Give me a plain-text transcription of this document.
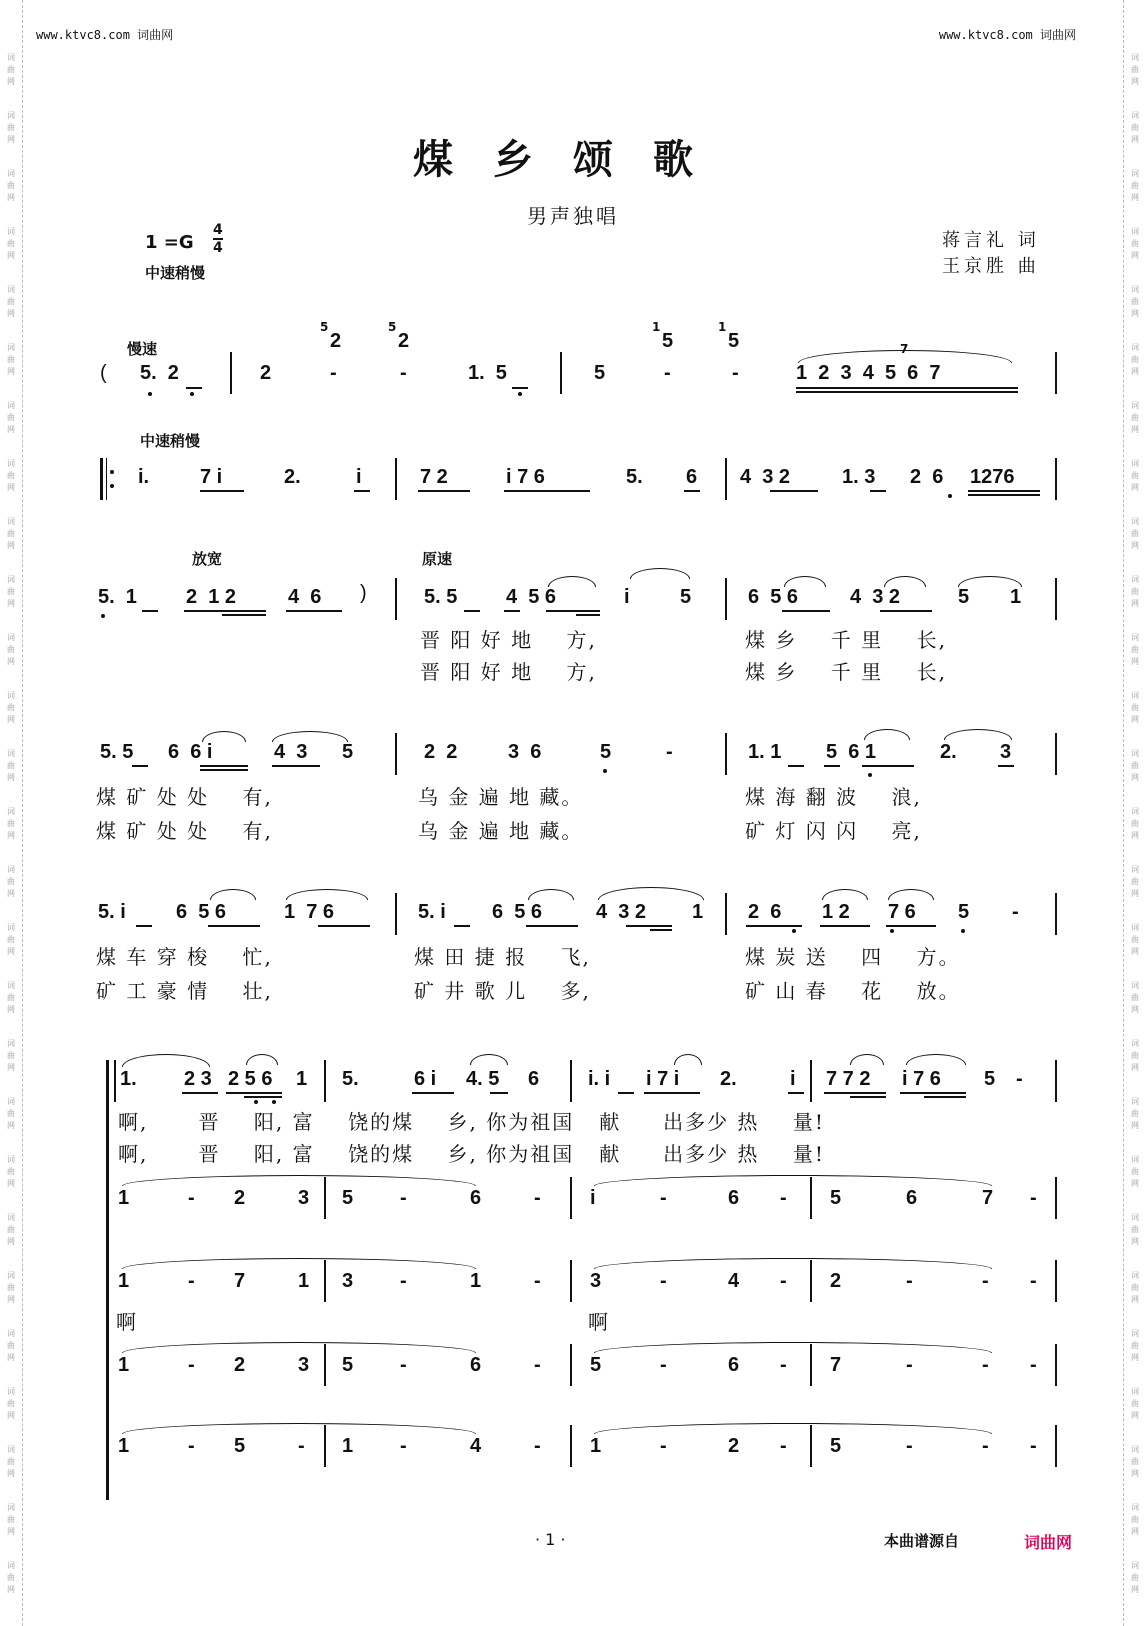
词
曲
网
词
曲
网
词
曲
网
词
曲
网
词
曲
网
词
曲
网
词
曲
网
词
曲
网
词
曲
网
词
曲
网
词
曲
网
词
曲
网
词
曲
网
词
曲
网
词
曲
网
词
曲
网
词
曲
网
词
曲
网
词
曲
网
词
曲
网
词
曲
网
词
曲
网
词
曲
网
词
曲
网
词
曲
网
词
曲
网
词
曲
网
词
曲
网
词
曲
网
词
曲
网
词
曲
网
词
曲
网
词
曲
网
词
曲
网
词
曲
网
词
曲
网
词
曲
网
词
曲
网
词
曲
网
词
曲
网
词
曲
网
词
曲
网
词
曲
网
词
曲
网
词
曲
网
词
曲
网
词
曲
网
词
曲
网
词
曲
网
词
曲
网
词
曲
网
词
曲
网
词
曲
网
词
曲
网
www.ktvc8.com 词曲网	www.ktvc8.com 词曲网
煤乡颂歌
男声独唱
1 =G
4
4
中速稍慢
蒋言礼 词
王京胜 曲
慢速
( 5.  2
5
2
5
2
2	-	-	1.  5
1
5
1
5
5	-	-
7
1  2  3  4  5  6  7
中速稍慢
i.	7 i	2.	i	7 2	i 7 6	5. 6 4  3 2	1. 3 2  6 1276
放宽	原速
5.  1 2  1 2	4  6 )	5. 5 4  5 6	i	5	6  5 6	4  3 2	5 1
晋 阳 好 地    方,	煤 乡    千 里    长,
晋 阳 好 地    方,	煤 乡    千 里    长,
5. 5 6  6 i	4  3 5	2  2	3  6	5	-	1. 1 5  6 1	2. 3
煤 矿 处 处    有,	乌 金 遍 地 藏。	煤 海 翻 波    浪,
煤 矿 处 处    有,	乌 金 遍 地 藏。	矿 灯 闪 闪    亮,
5. i	6  5 6	1  7 6	5. i 6  5 6	4  3 2 1 2  6 1 2 7 6 5 -
煤 车 穿 梭    忙,	煤 田 捷 报    飞,	煤 炭 送    四    方。
矿 工 豪 情    壮,	矿 井 歌 儿    多,	矿 山 春    花    放。
1. 2 3 2 5 6 1 5.	6 i 4. 5 6 i. i i 7 i 2.	i 7 7 2 i 7 6 5 -
啊,      晋    阳, 富    饶的煤    乡, 你为祖国   献     出多少 热    量!
啊,      晋    阳, 富    饶的煤    乡, 你为祖国   献     出多少 热    量!
1	- 2	3 5 -	6	- i	-	6 - 5	6	7 -
1	- 7	1 3 -	1	- 3	-	4 - 2	-	- -
啊	啊
1	- 2	3 5 -	6	- 5	-	6 - 7	-	- -
1	- 5	- 1 -	4	- 1	-	2 - 5	-	- -
· 1 ·	本曲谱源自	词曲网
